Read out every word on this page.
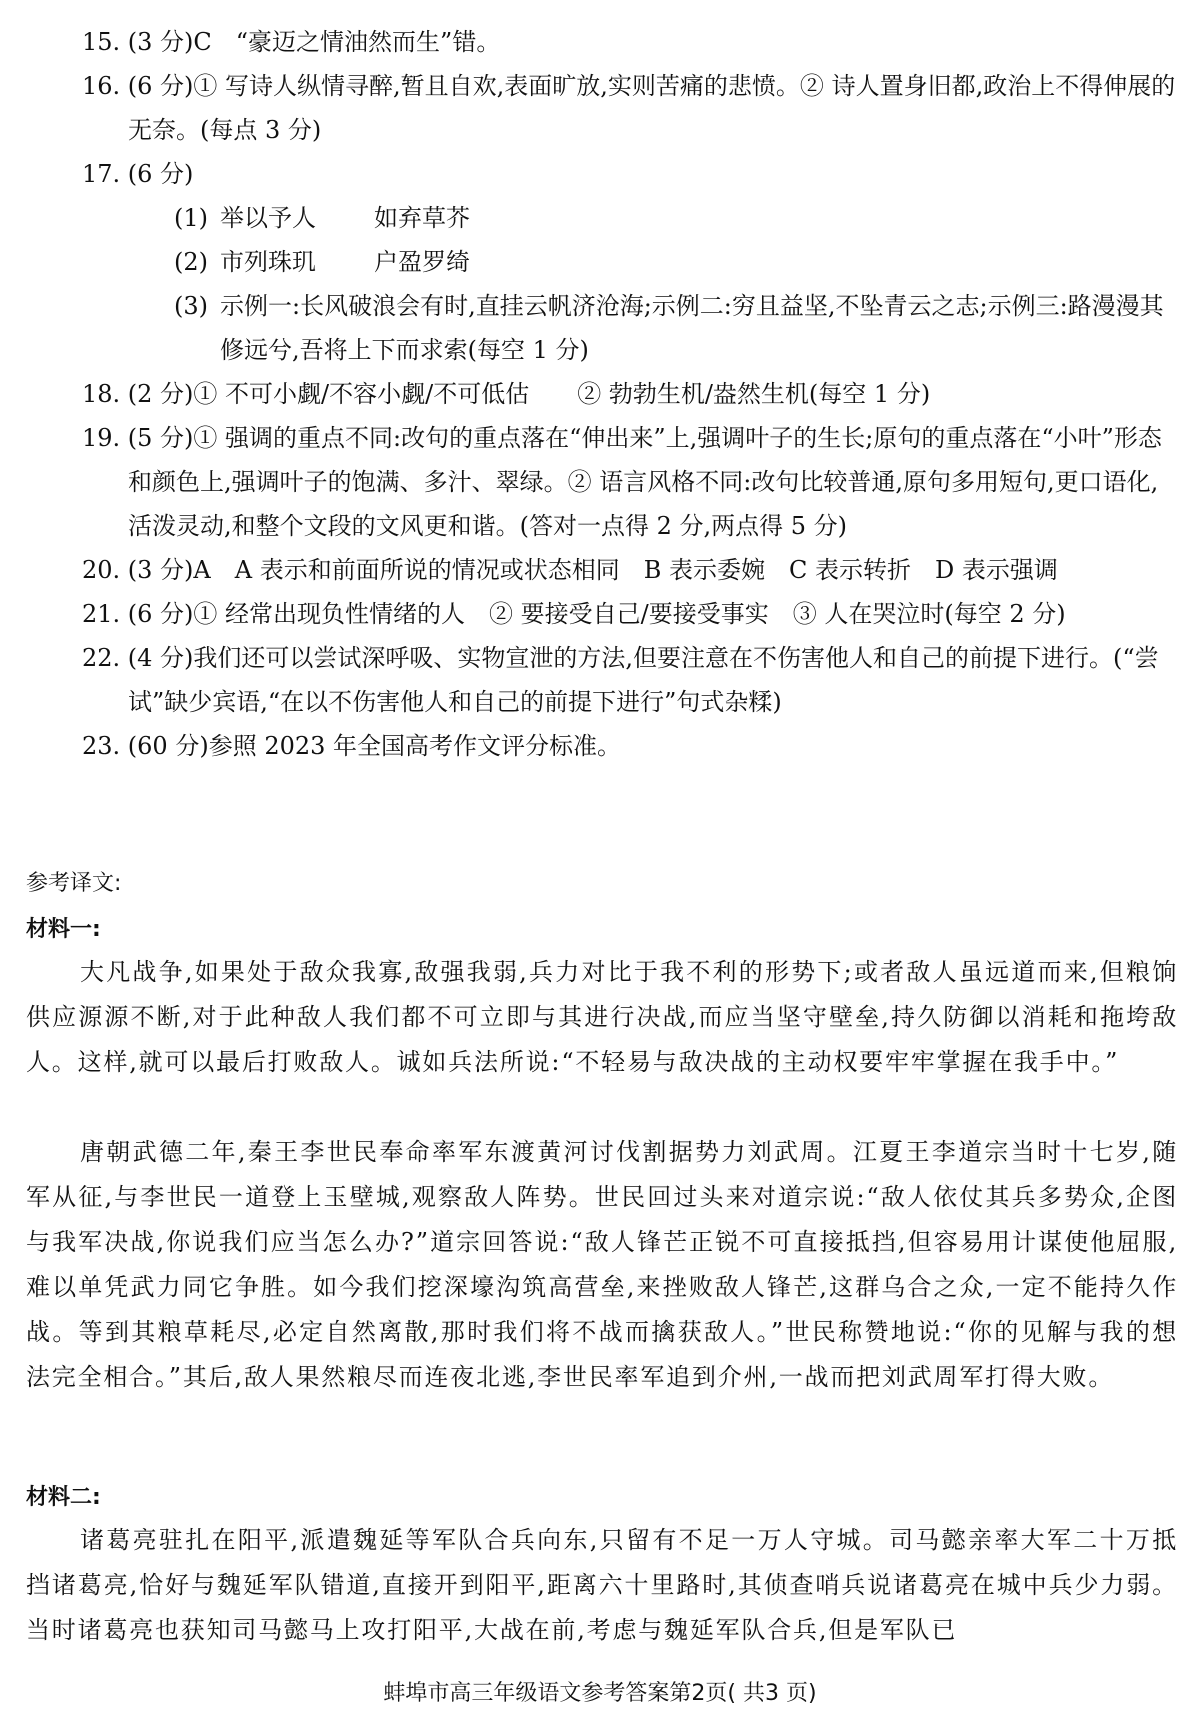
15. (3 分)C　“豪迈之情油然而生”错。
16. (6 分)① 写诗人纵情寻醉,暂且自欢,表面旷放,实则苦痛的悲愤。② 诗人置身旧都,政治上不得伸展的无奈。(每点 3 分)
17. (6 分)
(1) 举以予人 如弃草芥
(2) 市列珠玑 户盈罗绮
(3) 示例一:长风破浪会有时,直挂云帆济沧海;示例二:穷且益坚,不坠青云之志;示例三:路漫漫其修远兮,吾将上下而求索(每空 1 分)
18. (2 分)① 不可小觑/不容小觑/不可低估　　② 勃勃生机/盎然生机(每空 1 分)
19. (5 分)① 强调的重点不同:改句的重点落在“伸出来”上,强调叶子的生长;原句的重点落在“小叶”形态和颜色上,强调叶子的饱满、多汁、翠绿。② 语言风格不同:改句比较普通,原句多用短句,更口语化,活泼灵动,和整个文段的文风更和谐。(答对一点得 2 分,两点得 5 分)
20. (3 分)A　A 表示和前面所说的情况或状态相同　B 表示委婉　C 表示转折　D 表示强调
21. (6 分)① 经常出现负性情绪的人　② 要接受自己/要接受事实　③ 人在哭泣时(每空 2 分)
22. (4 分)我们还可以尝试深呼吸、实物宣泄的方法,但要注意在不伤害他人和自己的前提下进行。(“尝试”缺少宾语,“在以不伤害他人和自己的前提下进行”句式杂糅)
23. (60 分)参照 2023 年全国高考作文评分标准。
参考译文:
材料一:

大凡战争,如果处于敌众我寡,敌强我弱,兵力对比于我不利的形势下;或者敌人虽远道而来,但粮饷供应源源不断,对于此种敌人我们都不可立即与其进行决战,而应当坚守壁垒,持久防御以消耗和拖垮敌人。这样,就可以最后打败敌人。诚如兵法所说:“不轻易与敌决战的主动权要牢牢掌握在我手中。”

唐朝武德二年,秦王李世民奉命率军东渡黄河讨伐割据势力刘武周。江夏王李道宗当时十七岁,随军从征,与李世民一道登上玉壁城,观察敌人阵势。世民回过头来对道宗说:“敌人依仗其兵多势众,企图与我军决战,你说我们应当怎么办?”道宗回答说:“敌人锋芒正锐不可直接抵挡,但容易用计谋使他屈服,难以单凭武力同它争胜。如今我们挖深壕沟筑高营垒,来挫败敌人锋芒,这群乌合之众,一定不能持久作战。等到其粮草耗尽,必定自然离散,那时我们将不战而擒获敌人。”世民称赞地说:“你的见解与我的想法完全相合。”其后,敌人果然粮尽而连夜北逃,李世民率军追到介州,一战而把刘武周军打得大败。

材料二:

诸葛亮驻扎在阳平,派遣魏延等军队合兵向东,只留有不足一万人守城。司马懿亲率大军二十万抵挡诸葛亮,恰好与魏延军队错道,直接开到阳平,距离六十里路时,其侦查哨兵说诸葛亮在城中兵少力弱。当时诸葛亮也获知司马懿马上攻打阳平,大战在前,考虑与魏延军队合兵,但是军队已

蚌埠市高三年级语文参考答案第2页( 共3 页)
